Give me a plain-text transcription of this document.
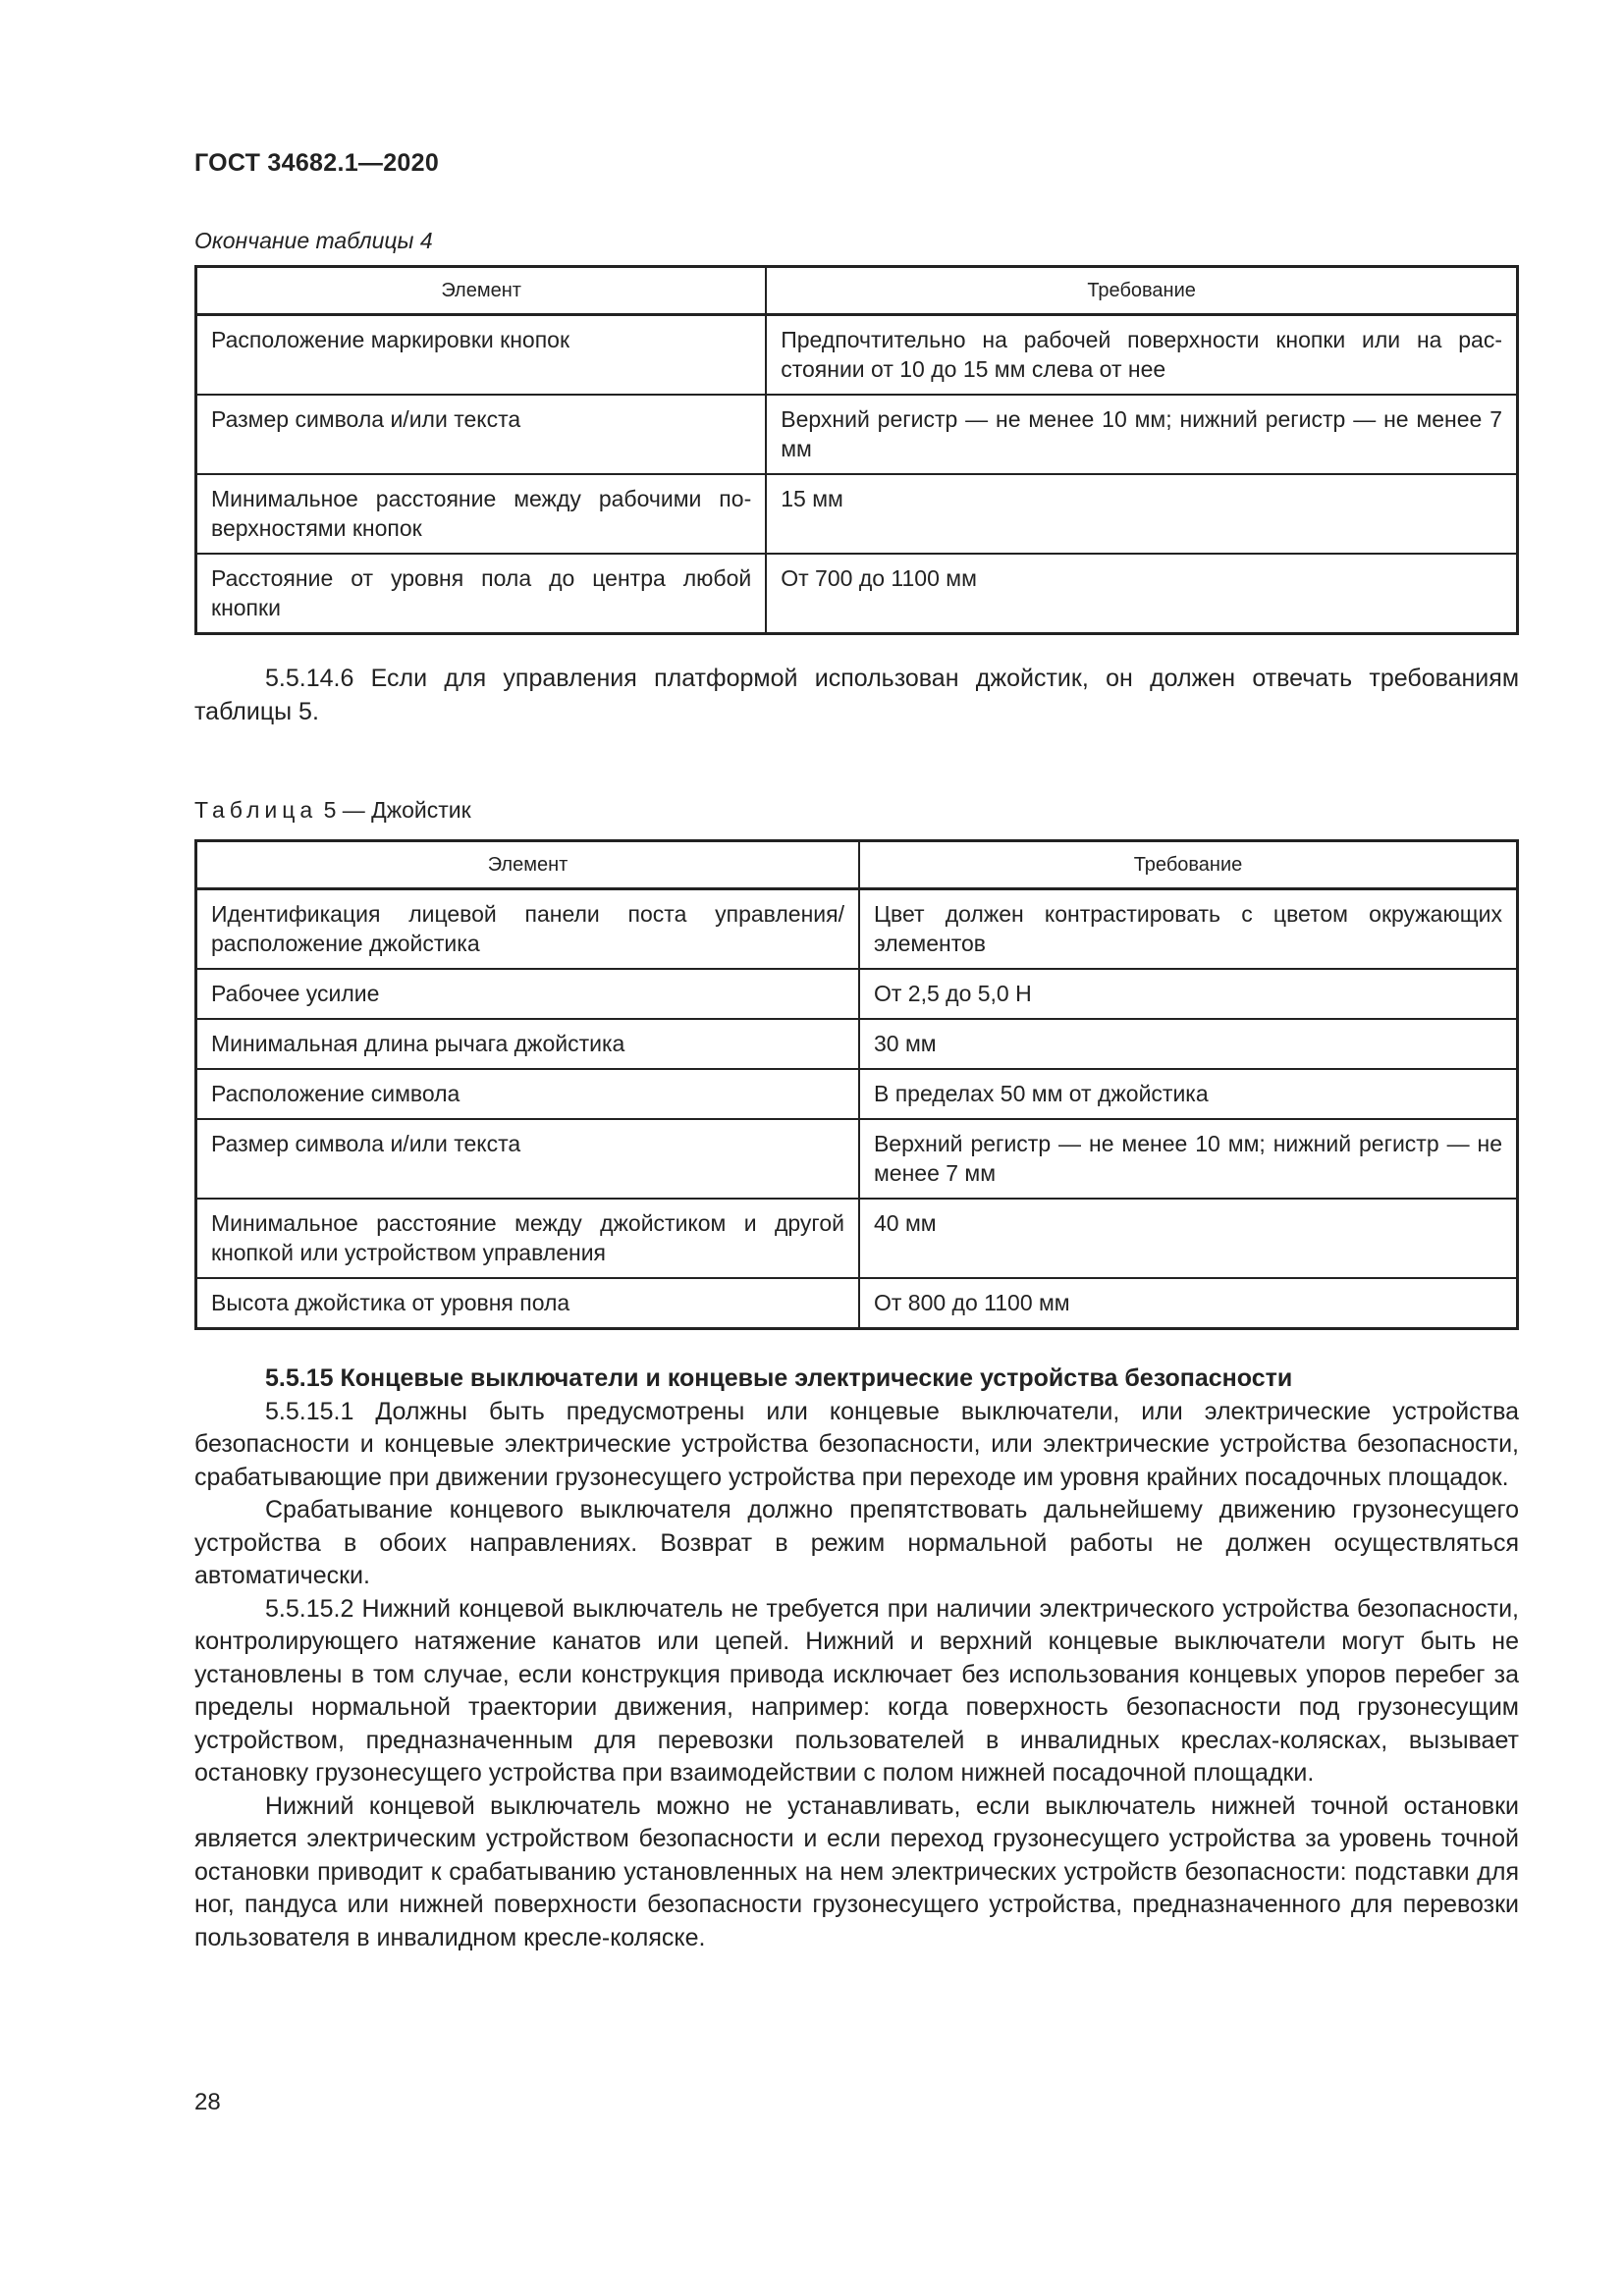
ГОСТ 34682.1—2020
Окончание таблицы 4
Элемент	Требование
Расположение маркировки кнопок	Предпочтительно на рабочей поверхности кнопки или на расстоянии от 10 до 15 мм слева от нее
Размер символа и/или текста	Верхний регистр — не менее 10 мм; нижний регистр — не менее 7 мм
Минимальное расстояние между рабочими поверхностями кнопок	15 мм
Расстояние от уровня пола до центра любой кнопки	От 700 до 1100 мм

5.5.14.6 Если для управления платформой использован джойстик, он должен отвечать требованиям таблицы 5.

Таблица 5 — Джойстик
Элемент	Требование
Идентификация лицевой панели поста управления/ расположение джойстика	Цвет должен контрастировать с цветом окружающих элементов
Рабочее усилие	От 2,5 до 5,0 Н
Минимальная длина рычага джойстика	30 мм
Расположение символа	В пределах 50 мм от джойстика
Размер символа и/или текста	Верхний регистр — не менее 10 мм; нижний регистр — не менее 7 мм
Минимальное расстояние между джойстиком и другой кнопкой или устройством управления	40 мм
Высота джойстика от уровня пола	От 800 до 1100 мм

5.5.15 Концевые выключатели и концевые электрические устройства безопасности

5.5.15.1 Должны быть предусмотрены или концевые выключатели, или электрические устройства безопасности и концевые электрические устройства безопасности, или электрические устройства безопасности, срабатывающие при движении грузонесущего устройства при переходе им уровня крайних посадочных площадок.

Срабатывание концевого выключателя должно препятствовать дальнейшему движению грузонесущего устройства в обоих направлениях. Возврат в режим нормальной работы не должен осуществляться автоматически.

5.5.15.2 Нижний концевой выключатель не требуется при наличии электрического устройства безопасности, контролирующего натяжение канатов или цепей. Нижний и верхний концевые выключатели могут быть не установлены в том случае, если конструкция привода исключает без использования концевых упоров перебег за пределы нормальной траектории движения, например: когда поверхность безопасности под грузонесущим устройством, предназначенным для перевозки пользователей в инвалидных креслах-колясках, вызывает остановку грузонесущего устройства при взаимодействии с полом нижней посадочной площадки.

Нижний концевой выключатель можно не устанавливать, если выключатель нижней точной остановки является электрическим устройством безопасности и если переход грузонесущего устройства за уровень точной остановки приводит к срабатыванию установленных на нем электрических устройств безопасности: подставки для ног, пандуса или нижней поверхности безопасности грузонесущего устройства, предназначенного для перевозки пользователя в инвалидном кресле-коляске.

28
